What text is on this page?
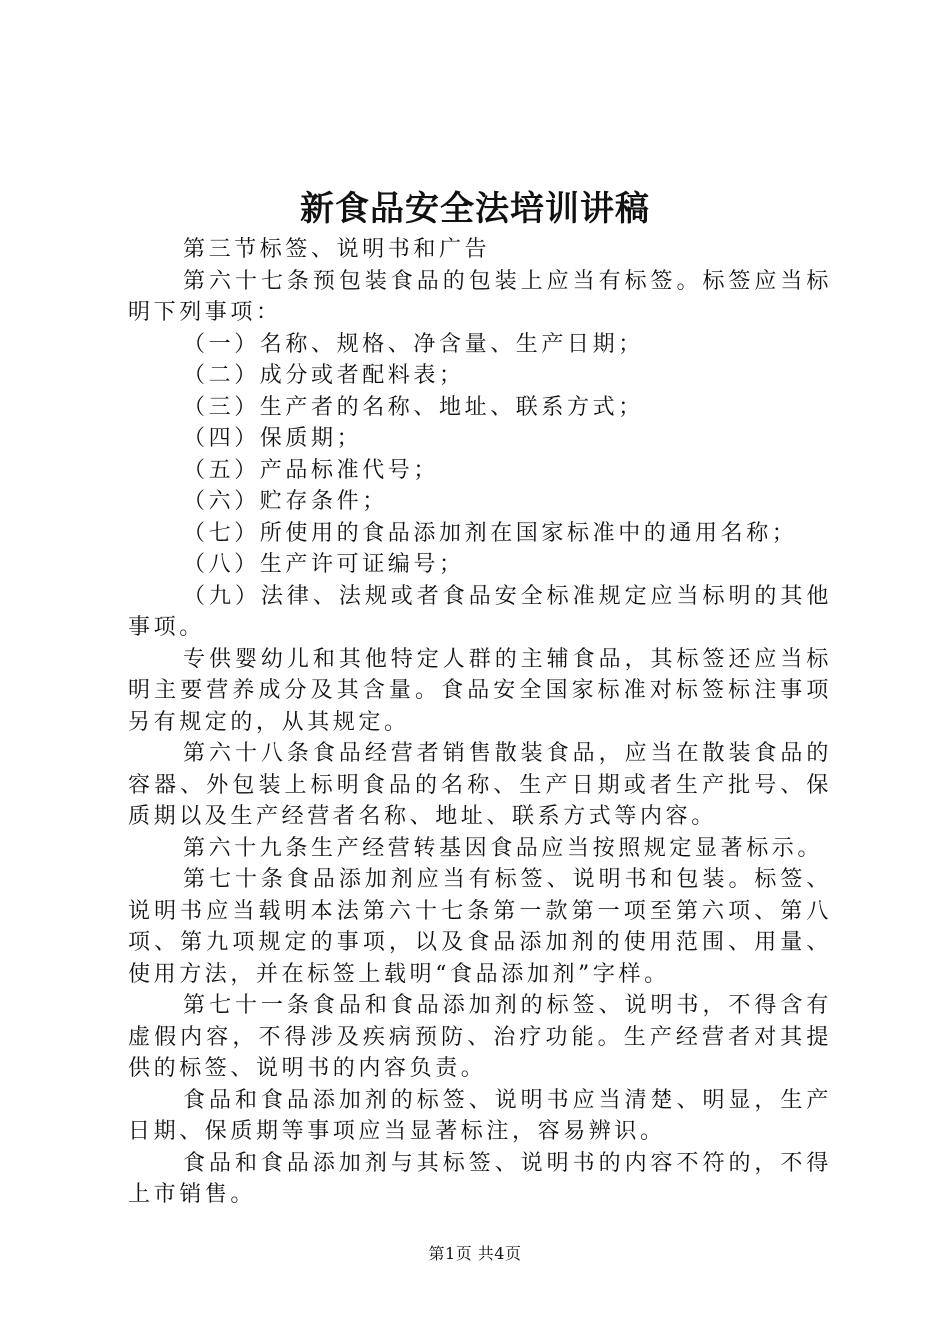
新食品安全法培训讲稿

第三节标签、说明书和广告

第六十七条预包装食品的包装上应当有标签。标签应当标明下列事项：

（一）名称、规格、净含量、生产日期；

（二）成分或者配料表；

（三）生产者的名称、地址、联系方式；

（四）保质期；

（五）产品标准代号；

（六）贮存条件；

（七）所使用的食品添加剂在国家标准中的通用名称；

（八）生产许可证编号；

（九）法律、法规或者食品安全标准规定应当标明的其他事项。

专供婴幼儿和其他特定人群的主辅食品，其标签还应当标明主要营养成分及其含量。食品安全国家标准对标签标注事项另有规定的，从其规定。

第六十八条食品经营者销售散装食品，应当在散装食品的容器、外包装上标明食品的名称、生产日期或者生产批号、保质期以及生产经营者名称、地址、联系方式等内容。

第六十九条生产经营转基因食品应当按照规定显著标示。

第七十条食品添加剂应当有标签、说明书和包装。标签、说明书应当载明本法第六十七条第一款第一项至第六项、第八项、第九项规定的事项，以及食品添加剂的使用范围、用量、使用方法，并在标签上载明“食品添加剂”字样。

第七十一条食品和食品添加剂的标签、说明书，不得含有虚假内容，不得涉及疾病预防、治疗功能。生产经营者对其提供的标签、说明书的内容负责。

食品和食品添加剂的标签、说明书应当清楚、明显，生产日期、保质期等事项应当显著标注，容易辨识。

食品和食品添加剂与其标签、说明书的内容不符的，不得上市销售。

第1页 共4页
